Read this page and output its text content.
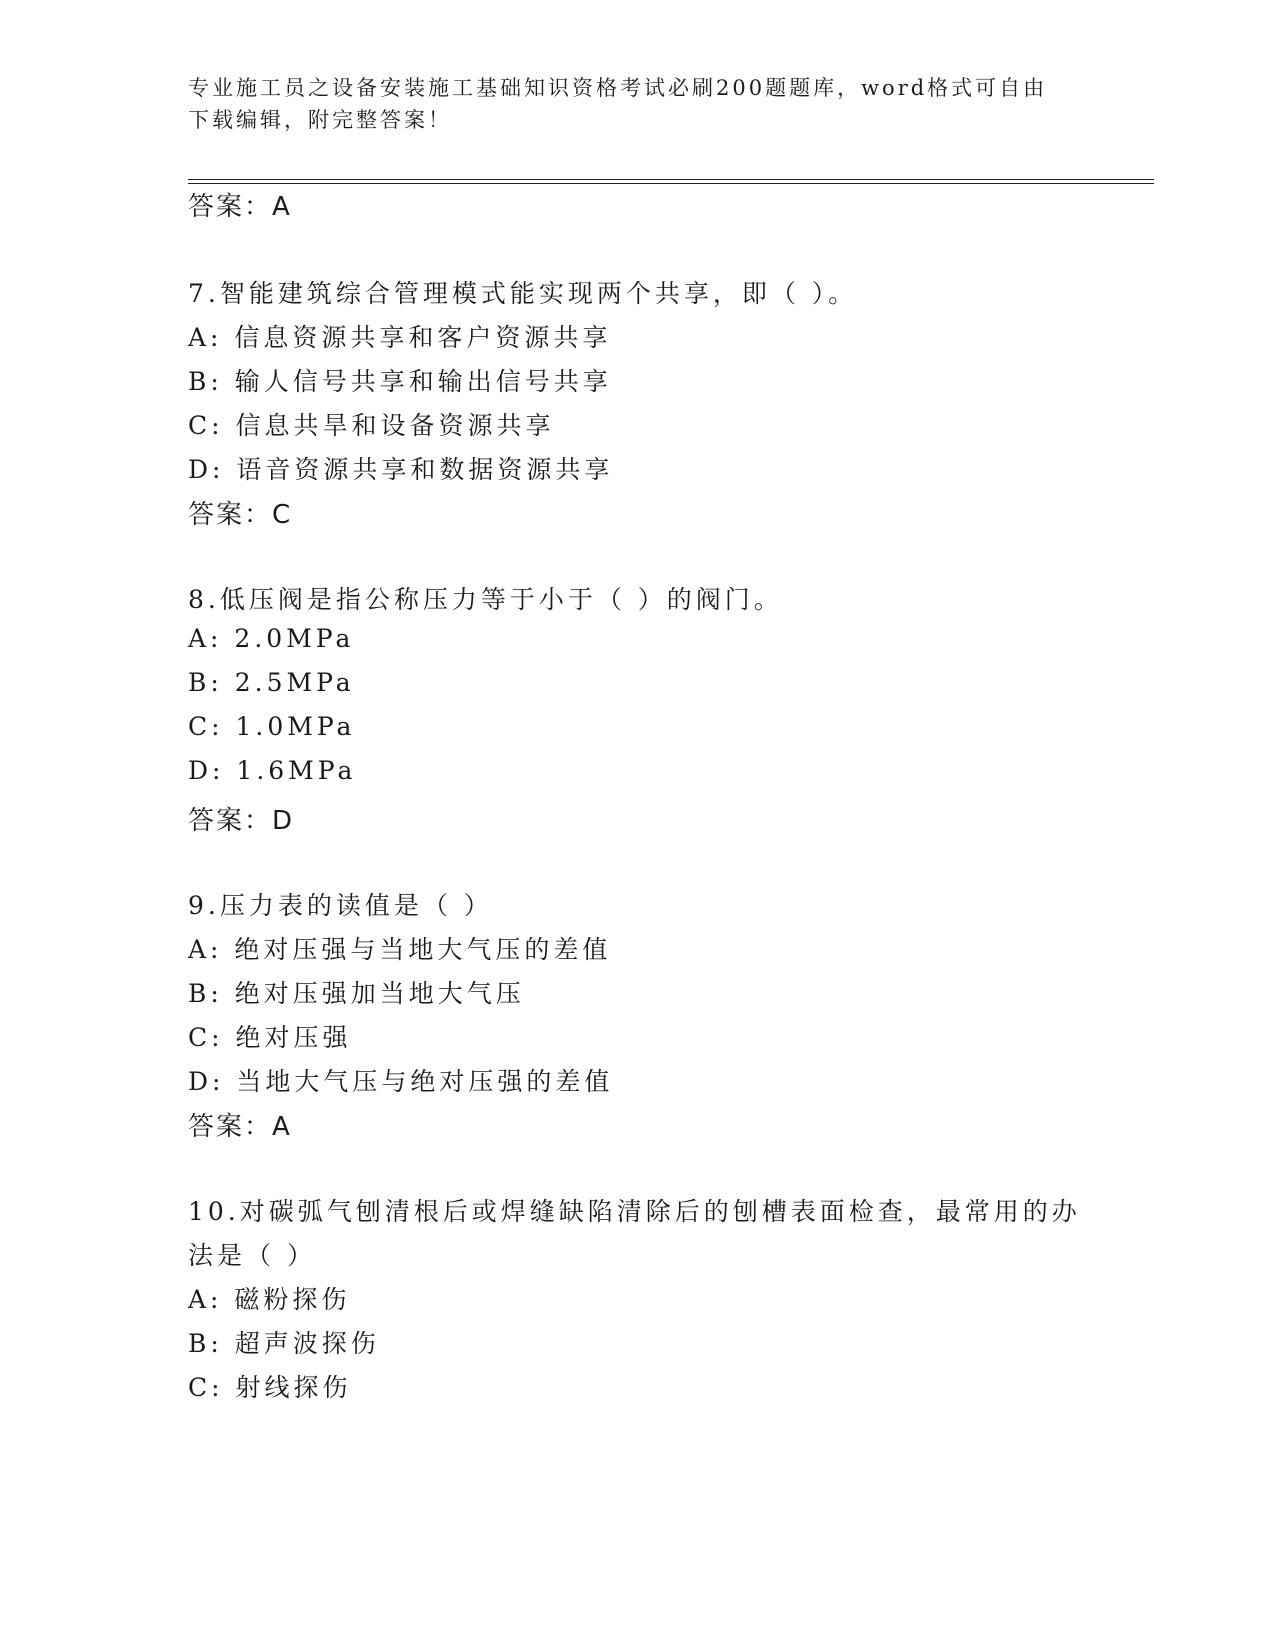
专业施工员之设备安装施工基础知识资格考试必刷200题题库，word格式可自由
下载编辑，附完整答案！
答案：A
7.智能建筑综合管理模式能实现两个共享，即（ ）。
A: 信息资源共享和客户资源共享
B: 输人信号共享和输出信号共享
C: 信息共旱和设备资源共享
D: 语音资源共享和数据资源共享
答案：C
8.低压阀是指公称压力等于小于（ ）的阀门。
A: 2.0MPa
B: 2.5MPa
C: 1.0MPa
D: 1.6MPa
答案：D
9.压力表的读值是（ ）
A: 绝对压强与当地大气压的差值
B: 绝对压强加当地大气压
C: 绝对压强
D: 当地大气压与绝对压强的差值
答案：A
10.对碳弧气刨清根后或焊缝缺陷清除后的刨槽表面检查，最常用的办
法是（ ）
A: 磁粉探伤
B: 超声波探伤
C: 射线探伤
